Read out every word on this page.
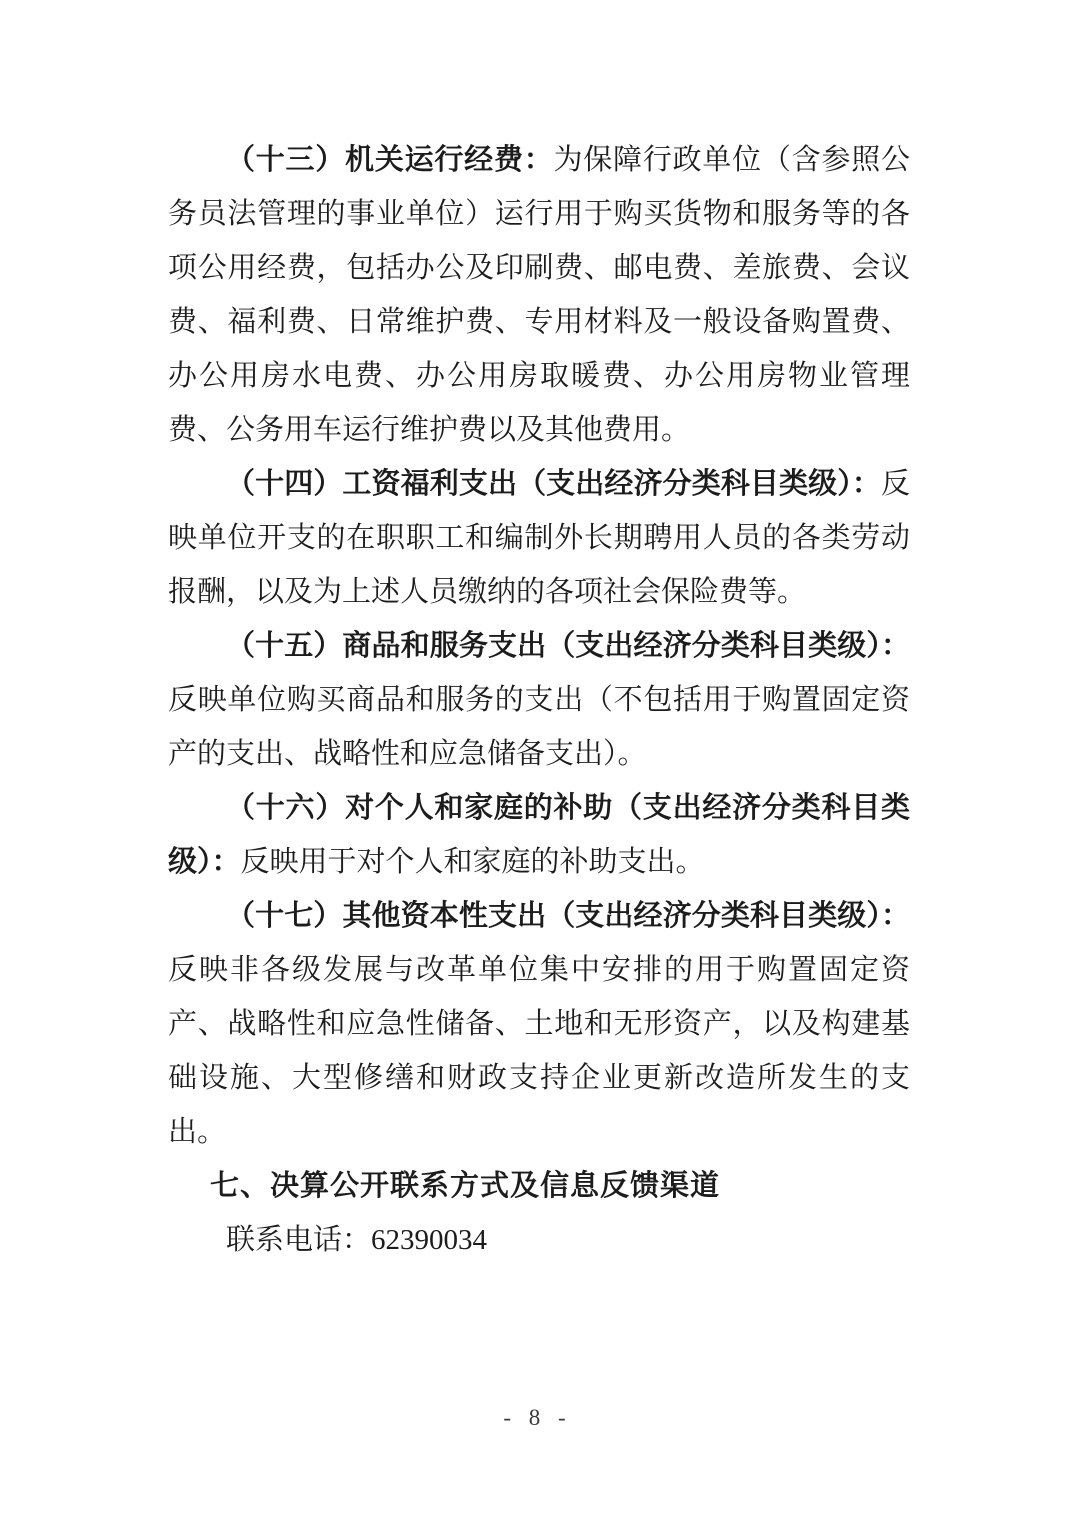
（十三）机关运行经费：为保障行政单位（含参照公务员法管理的事业单位）运行用于购买货物和服务等的各项公用经费，包括办公及印刷费、邮电费、差旅费、会议费、福利费、日常维护费、专用材料及一般设备购置费、办公用房水电费、办公用房取暖费、办公用房物业管理费、公务用车运行维护费以及其他费用。

（十四）工资福利支出（支出经济分类科目类级）：反映单位开支的在职职工和编制外长期聘用人员的各类劳动报酬，以及为上述人员缴纳的各项社会保险费等。

（十五）商品和服务支出（支出经济分类科目类级）：反映单位购买商品和服务的支出（不包括用于购置固定资产的支出、战略性和应急储备支出）。

（十六）对个人和家庭的补助（支出经济分类科目类级）：反映用于对个人和家庭的补助支出。

（十七）其他资本性支出（支出经济分类科目类级）：反映非各级发展与改革单位集中安排的用于购置固定资产、战略性和应急性储备、土地和无形资产，以及构建基础设施、大型修缮和财政支持企业更新改造所发生的支出。

七、决算公开联系方式及信息反馈渠道

联系电话：62390034

- 8 -
